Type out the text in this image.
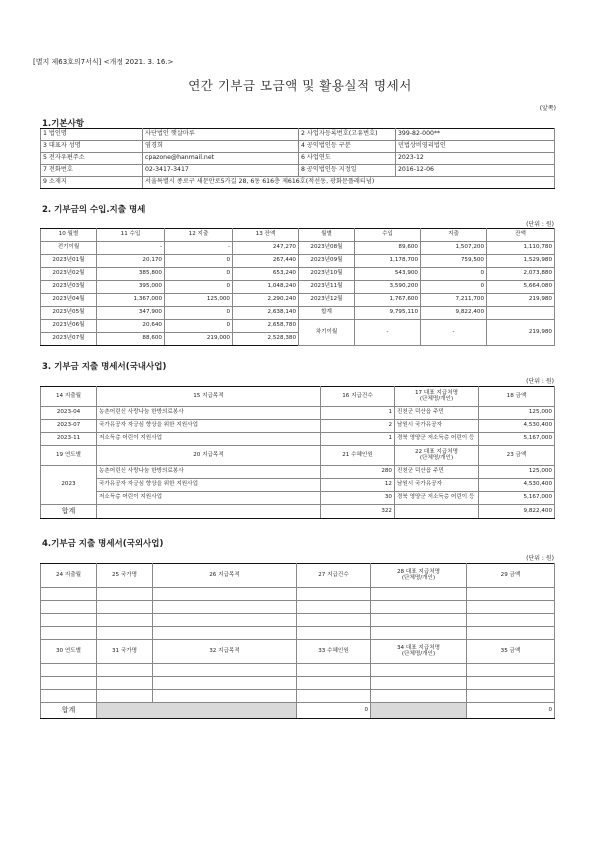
[별지 제63호의7서식] <개정 2021. 3. 16.>
연간 기부금 모금액 및 활용실적 명세서
(앞쪽)
1.기본사항
1 법인명	사단법인 햇살마루	2 사업자등록번호(고유번호)	399-82-000**
3 대표자 성명	염경희	4 공익법인등 구분	민법상비영리법인
5 전자우편주소	cpazone@hanmail.net	6 사업연도	2023-12
7 전화번호	02-3417-3417	8 공익법인등 지정일	2016-12-06
9 소재지	서울특별시 종로구 새문안로5가길 28, 6동 616층 제616호(적선동, 광화문플래티넘)		
2. 기부금의 수입.지출 명세
(단위 : 원)
10 월별	11 수입	12 지출	13 잔액	월별	수입	지출	잔액
전기이월	-	-	247,270	2023년08월	89,600	1,507,200	1,110,780
2023년01월	20,170	0	267,440	2023년09월	1,178,700	759,500	1,529,980
2023년02월	385,800	0	653,240	2023년10월	543,900	0	2,073,880
2023년03월	395,000	0	1,048,240	2023년11월	3,590,200	0	5,664,080
2023년04월	1,367,000	125,000	2,290,240	2023년12월	1,767,600	7,211,700	219,980
2023년05월	347,900	0	2,638,140	합계	9,795,110	9,822,400	
2023년06월	20,640	0	2,658,780	차기이월	-	-	219,980
2023년07월	88,600	219,000	2,528,380				
3. 기부금 지출 명세서(국내사업)
(단위 : 원)
14 지출월	15 지급목적	16 지급건수	17 대표 지급처명
(단체명/개인)	18 금액
2023-04	농촌어린신 사랑나눔 한방의료봉사	1	진천군 덕산읍 주민	125,000
2023-07	국가유공자 자긍심 향상을 위한 지원사업	2	남원시 국가유공자	4,530,400
2023-11	저소득층 어린이 지원사업	1	경북 영양군 저소득층 어린이 등	5,167,000
19 연도별	20 지급목적	21 수혜인원	22 대표 지급처명
(단체명/개인)	23 금액
2023	농촌어린신 사랑나눔 한방의료봉사	280	진천군 덕산읍 주민	125,000
	국가유공자 자긍심 향상을 위한 지원사업	12	남원시 국가유공자	4,530,400
	저소득층 어린이 지원사업	30	경북 영양군 저소득층 어린이 등	5,167,000
합계		322		9,822,400
4.기부금 지출 명세서(국외사업)
(단위 : 원)
24 지출월	25 국가명	26 지급목적	27 지급건수	28 대표 지급처명
(단체명/개인)	29 금액

30 연도별	31 국가명	32 지급목적	33 수혜인원	34 대표 지급처명
(단체명/개인)	35 금액

합계			0		0
